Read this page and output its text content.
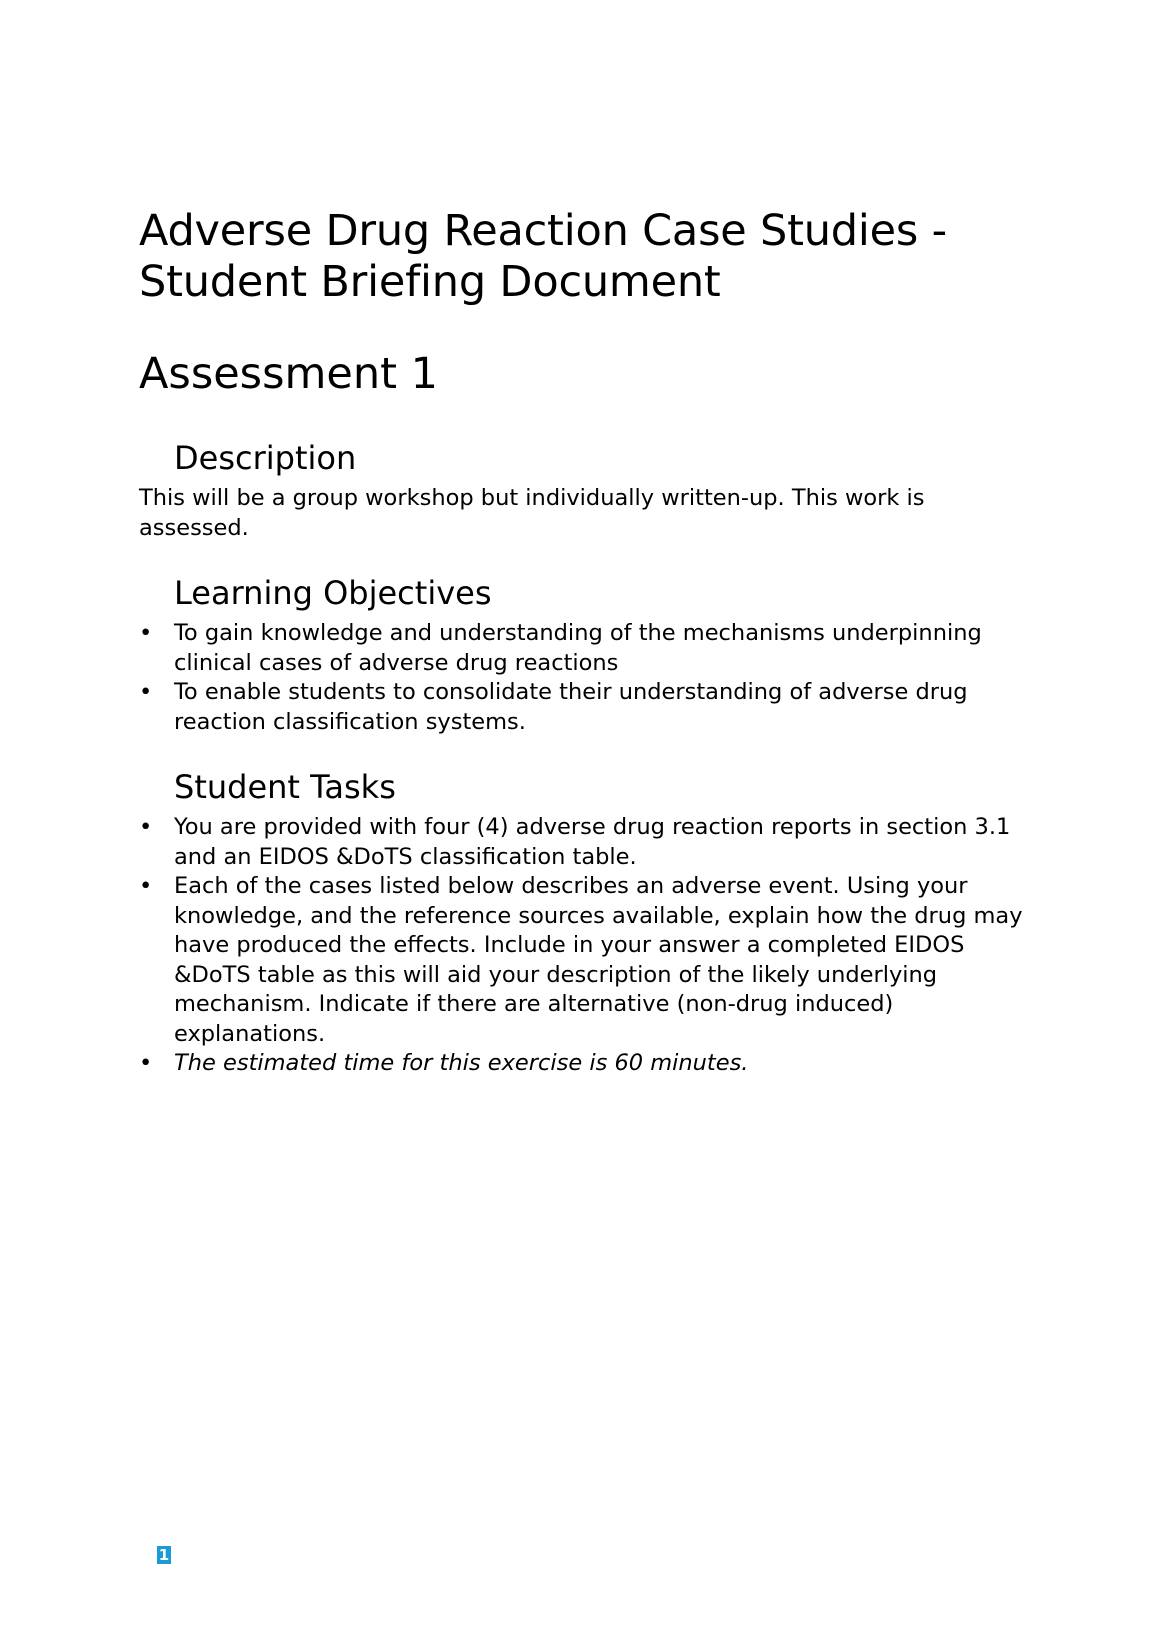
Adverse Drug Reaction Case Studies -
Student Briefing Document
Assessment 1
Description

This will be a group workshop but individually written-up. This work is assessed.

Learning Objectives
• To gain knowledge and understanding of the mechanisms underpinning clinical cases of adverse drug reactions
• To enable students to consolidate their understanding of adverse drug reaction classification systems.
Student Tasks
• You are provided with four (4) adverse drug reaction reports in section 3.1 and an EIDOS &DoTS classification table.
• Each of the cases listed below describes an adverse event. Using your knowledge, and the reference sources available, explain how the drug may have produced the effects. Include in your answer a completed EIDOS &DoTS table as this will aid your description of the likely underlying mechanism. Indicate if there are alternative (non-drug induced) explanations.
• The estimated time for this exercise is 60 minutes.
1
